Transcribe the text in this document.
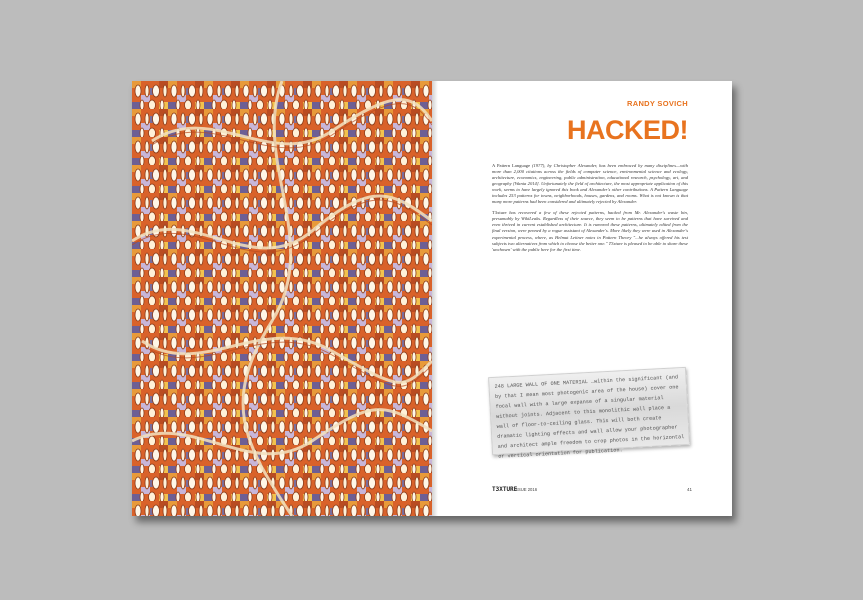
RANDY SOVICH

HACKED!

A Pattern Language (1977), by Christopher Alexander, has been embraced by many disciplines—with more than 2,000 citations across the fields of computer science, environmental science and ecology, architecture, economics, engineering, public administration, educational research, psychology, art, and geography [Wania 2014]. Unfortunately the field of architecture, the most appropriate application of this work, seems to have largely ignored this book and Alexander's other contributions. A Pattern Language includes 253 patterns for towns, neighborhoods, houses, gardens, and rooms. What is not known is that many more patterns had been considered and ultimately rejected by Alexander.

T3xture has recovered a few of these rejected patterns, hacked from Mr. Alexander's waste bin, presumably by WikiLeaks. Regardless of their source, they seem to be patterns that have survived and even thrived in current established architecture. It is rumored these patterns, ultimately edited from the final version, were penned by a rogue assistant of Alexander's. More likely they were used in Alexander's experimental process, where, as Helmut Leitner notes in Pattern Theory "...he always offered his test subjects two alternatives from which to choose the better one." T3xture is pleased to be able to share these 'unchosen' with the public here for the first time.

248 LARGE WALL OF ONE MATERIAL …within the significant (and by that I mean most photogenic area of the house) cover one focal wall with a large expanse of a singular material without joints. Adjacent to this monolithic wall place a wall of floor-to-ceiling glass. This will both create dramatic lighting effects and wall allow your photographer and architect ample freedom to crop photos in the horizontal or vertical orientation for publication.

T3XTURE
ISSUE 2016	41
